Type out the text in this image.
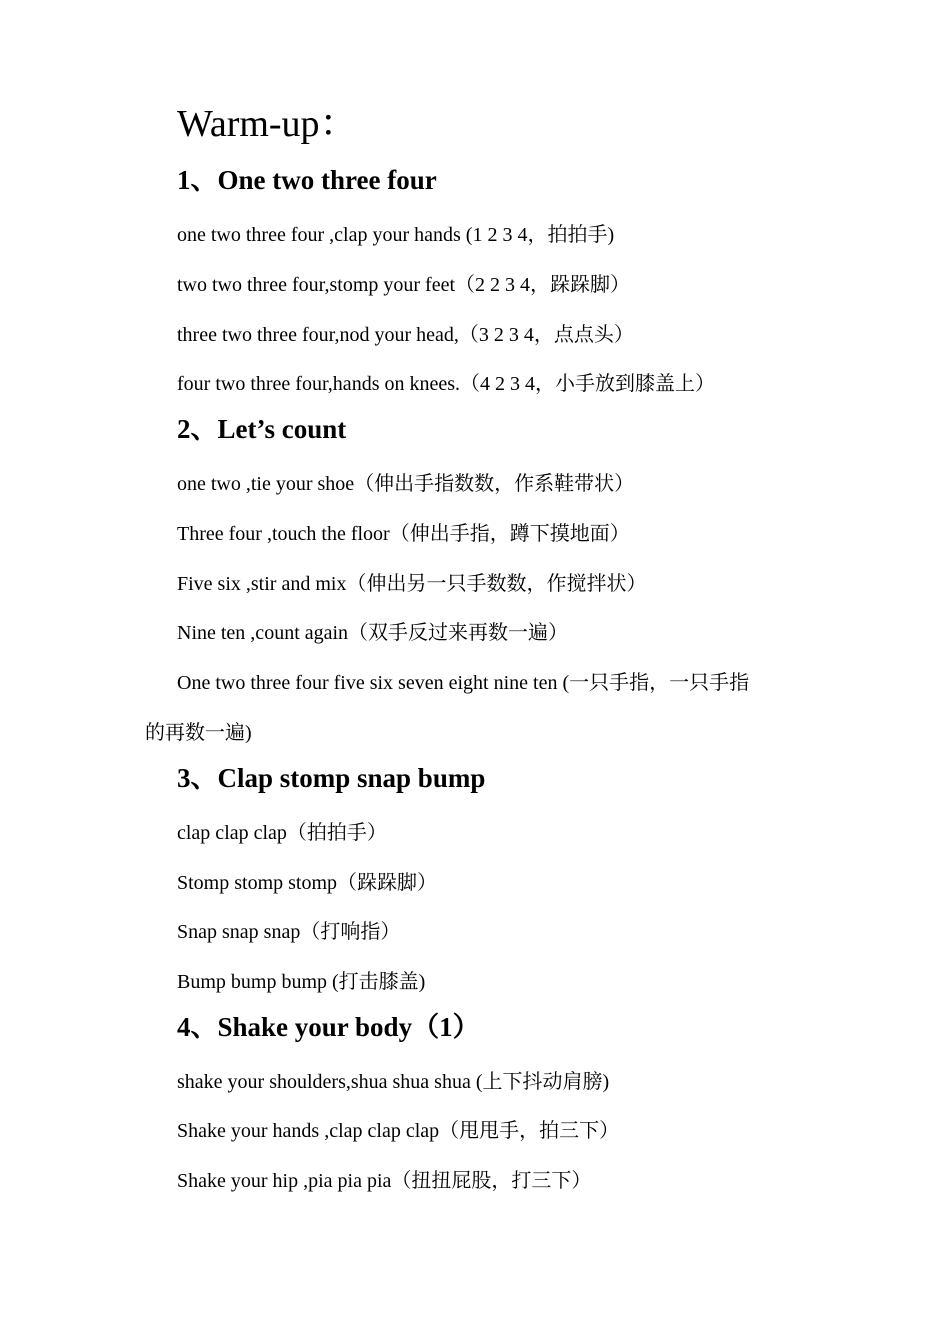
Warm-up：
1、One two three four
one two three four ,clap your hands (1 2 3 4，拍拍手)
two two three four,stomp your feet（2 2 3 4，跺跺脚）
three two three four,nod your head,（3 2 3 4，点点头）
four two three four,hands on knees.（4 2 3 4，小手放到膝盖上）
2、Let’s count
one two ,tie your shoe（伸出手指数数，作系鞋带状）
Three four ,touch the floor（伸出手指，蹲下摸地面）
Five six ,stir and mix（伸出另一只手数数，作搅拌状）
Nine ten ,count again（双手反过来再数一遍）
One two three four five six seven eight nine ten (一只手指，一只手指
的再数一遍)
3、Clap stomp snap bump
clap clap clap（拍拍手）
Stomp stomp stomp（跺跺脚）
Snap snap snap（打响指）
Bump bump bump (打击膝盖)
4、Shake your body（1）
shake your shoulders,shua shua shua (上下抖动肩膀)
Shake your hands ,clap clap clap（甩甩手，拍三下）
Shake your hip ,pia pia pia（扭扭屁股，打三下）
